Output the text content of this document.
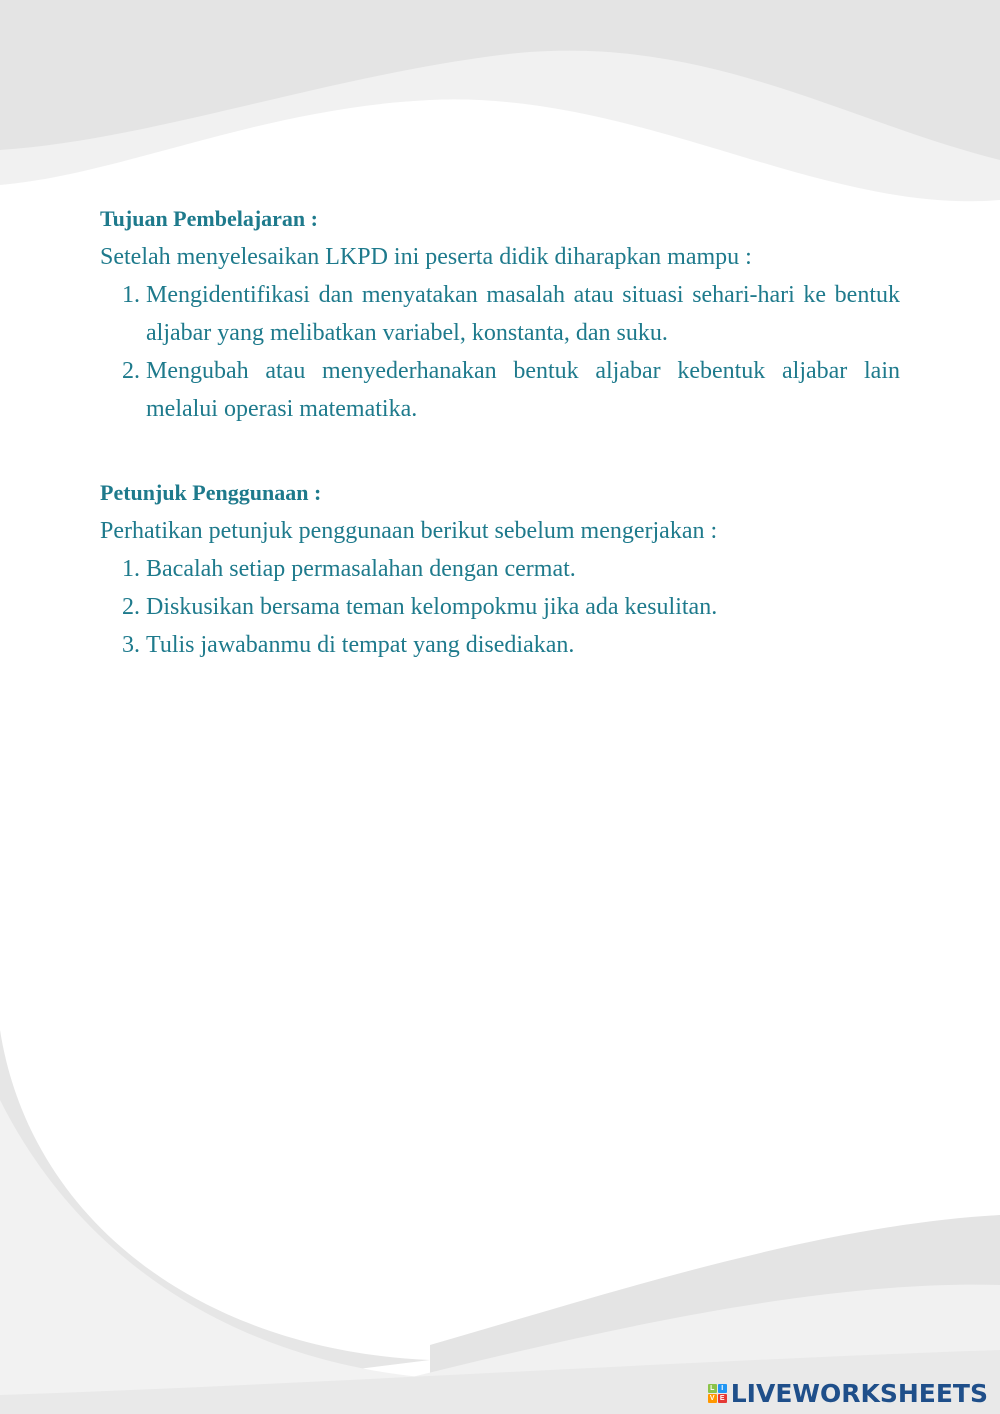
Tujuan Pembelajaran :

Setelah menyelesaikan LKPD ini peserta didik diharapkan mampu :

1. Mengidentifikasi dan menyatakan masalah atau situasi sehari-hari ke bentuk aljabar yang melibatkan variabel, konstanta, dan suku.
2. Mengubah atau menyederhanakan bentuk aljabar kebentuk aljabar lain melalui operasi matematika.

Petunjuk Penggunaan :

Perhatikan petunjuk penggunaan berikut sebelum mengerjakan :

1. Bacalah setiap permasalahan dengan cermat.
2. Diskusikan bersama teman kelompokmu jika ada kesulitan.
3. Tulis jawabanmu di tempat yang disediakan.
L I
V E LIVEWORKSHEETS
